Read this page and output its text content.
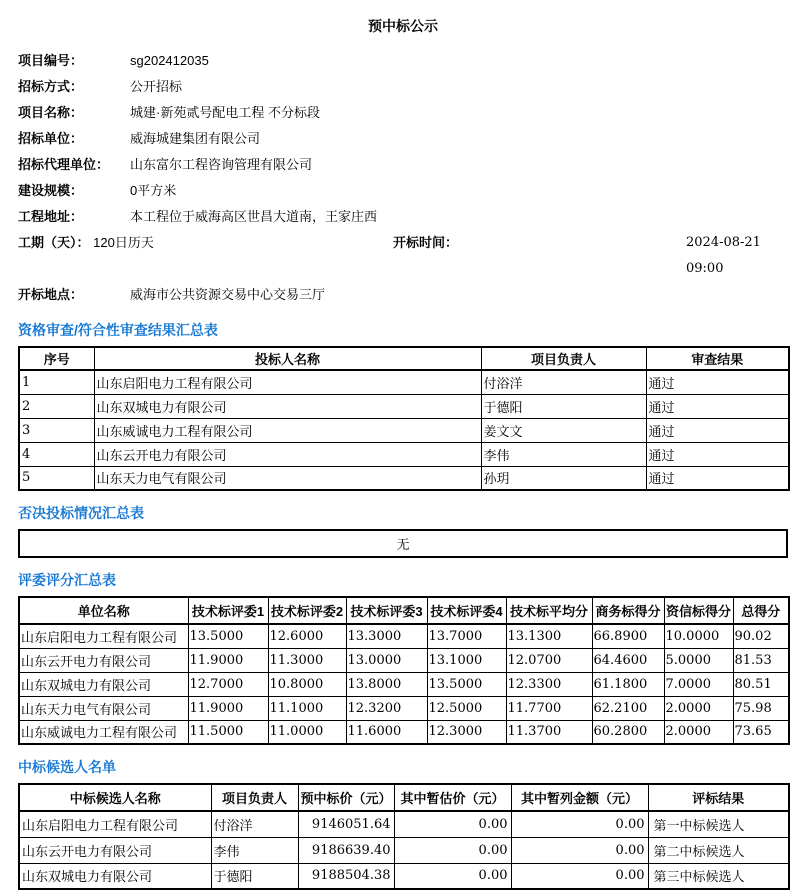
预中标公示
项目编号：	sg202412035
招标方式：	公开招标
项目名称：	城建·新苑贰号配电工程 不分标段
招标单位：	威海城建集团有限公司
招标代理单位：	山东富尔工程咨询管理有限公司
建设规模：	0平方米
工程地址：	本工程位于威海高区世昌大道南，王家庄西
工期（天）： 120日历天	开标时间：	2024-08-21
09:00
开标地点：	威海市公共资源交易中心交易三厅
资格审查/符合性审查结果汇总表
序号	投标人名称	项目负责人	审查结果
1	山东启阳电力工程有限公司	付浴洋	通过
2	山东双城电力有限公司	于德阳	通过
3	山东威诚电力工程有限公司	姜文文	通过
4	山东云开电力有限公司	李伟	通过
5	山东天力电气有限公司	孙玥	通过
否决投标情况汇总表
无
评委评分汇总表
单位名称	技术标评委1	技术标评委2	技术标评委3	技术标评委4	技术标平均分	商务标得分	资信标得分	总得分
山东启阳电力工程有限公司	13.5000	12.6000	13.3000	13.7000	13.1300	66.8900	10.0000	90.02
山东云开电力有限公司	11.9000	11.3000	13.0000	13.1000	12.0700	64.4600	5.0000	81.53
山东双城电力有限公司	12.7000	10.8000	13.8000	13.5000	12.3300	61.1800	7.0000	80.51
山东天力电气有限公司	11.9000	11.1000	12.3200	12.5000	11.7700	62.2100	2.0000	75.98
山东威诚电力工程有限公司	11.5000	11.0000	11.6000	12.3000	11.3700	60.2800	2.0000	73.65
中标候选人名单
中标候选人名称	项目负责人	预中标价（元）	其中暂估价（元）	其中暂列金额（元）	评标结果
山东启阳电力工程有限公司	付浴洋	9146051.64	0.00	0.00	第一中标候选人
山东云开电力有限公司	李伟	9186639.40	0.00	0.00	第二中标候选人
山东双城电力有限公司	于德阳	9188504.38	0.00	0.00	第三中标候选人
